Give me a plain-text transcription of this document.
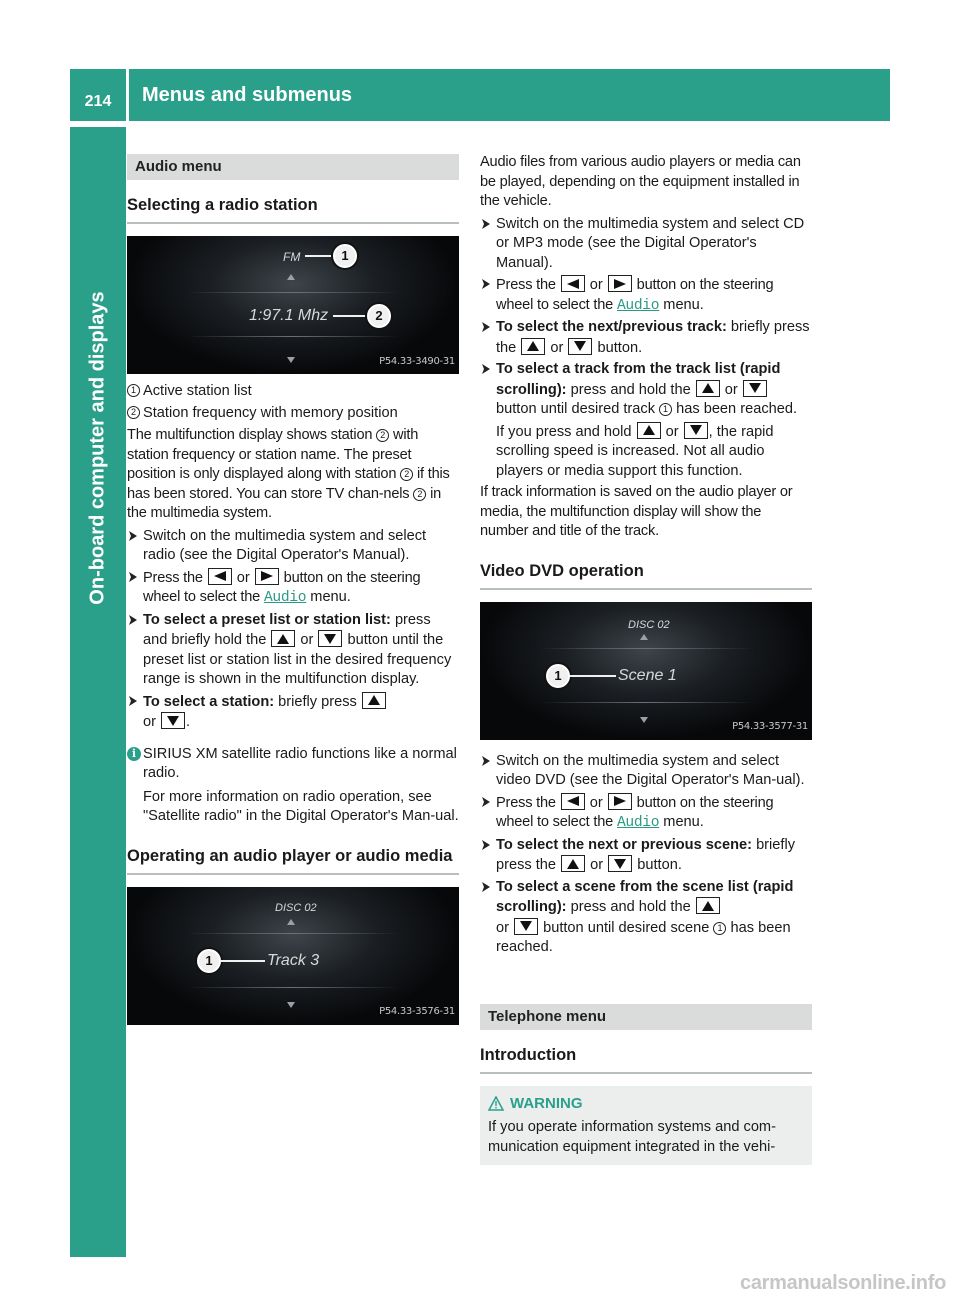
214	Menus and submenus
On-board computer and displays
Audio menu
Selecting a radio station
FM
1:97.1 Mhz
1
2
P54.33-3490-31
1 Active station list
2 Station frequency with memory position

The multifunction display shows station 2 with station frequency or station name. The preset position is only displayed along with station 2 if this has been stored. You can store TV chan-nels 2 in the multimedia system.

Switch on the multimedia system and select radio (see the Digital Operator's Manual).
Press the
or
button on the steering wheel to select the Audio menu.
To select a preset list or station list: press and briefly hold the
or
button until the preset list or station list in the desired frequency range is shown in the multifunction display.
To select a station: briefly press

or
.
i SIRIUS XM satellite radio functions like a normal radio.

For more information on radio operation, see "Satellite radio" in the Digital Operator's Man-ual.

Operating an audio player or audio media
DISC 02
Track 3
1
P54.33-3576-31

Audio files from various audio players or media can be played, depending on the equipment installed in the vehicle.

Switch on the multimedia system and select CD or MP3 mode (see the Digital Operator's Manual).
Press the
or
button on the steering wheel to select the Audio menu.
To select the next/previous track: briefly press the
or
button.
To select a track from the track list (rapid scrolling): press and hold the
or
button until desired track 1 has been reached.
If you press and hold
or
, the rapid scrolling speed is increased. Not all audio players or media support this function.

If track information is saved on the audio player or media, the multifunction display will show the number and title of the track.

Video DVD operation
DISC 02
Scene 1
1
P54.33-3577-31
Switch on the multimedia system and select video DVD (see the Digital Operator's Man-ual).
Press the
or
button on the steering wheel to select the Audio menu.
To select the next or previous scene: briefly press the
or
button.
To select a scene from the scene list (rapid scrolling): press and hold the

or
button until desired scene 1 has been reached.
Telephone menu
Introduction
WARNING

If you operate information systems and com-munication equipment integrated in the vehi-

carmanualsonline.info
